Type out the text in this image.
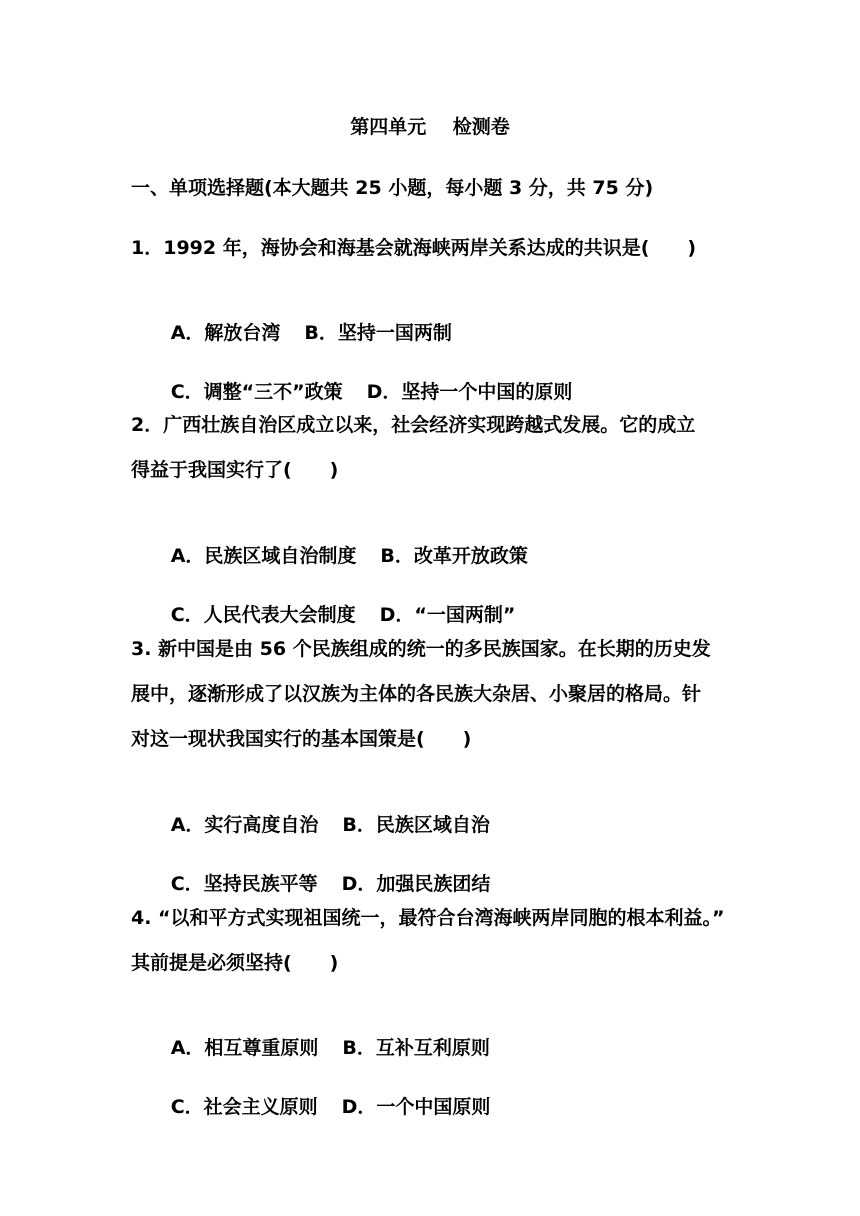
第四单元    检测卷
一、单项选择题(本大题共 25 小题，每小题 3 分，共 75 分)
1．1992 年，海协会和海基会就海峡两岸关系达成的共识是(　　)

A．解放台湾 B．坚持一国两制

C．调整“三不”政策 D．坚持一个中国的原则

2．广西壮族自治区成立以来，社会经济实现跨越式发展。它的成立
得益于我国实行了(　　)

A．民族区域自治制度 B．改革开放政策

C．人民代表大会制度 D．“一国两制”

3. 新中国是由 56 个民族组成的统一的多民族国家。在长期的历史发
展中，逐渐形成了以汉族为主体的各民族大杂居、小聚居的格局。针
对这一现状我国实行的基本国策是(　　)

A．实行高度自治 B．民族区域自治

C．坚持民族平等 D．加强民族团结

4. “以和平方式实现祖国统一，最符合台湾海峡两岸同胞的根本利益。”
其前提是必须坚持(　　)

A．相互尊重原则 B．互补互利原则

C．社会主义原则 D．一个中国原则
